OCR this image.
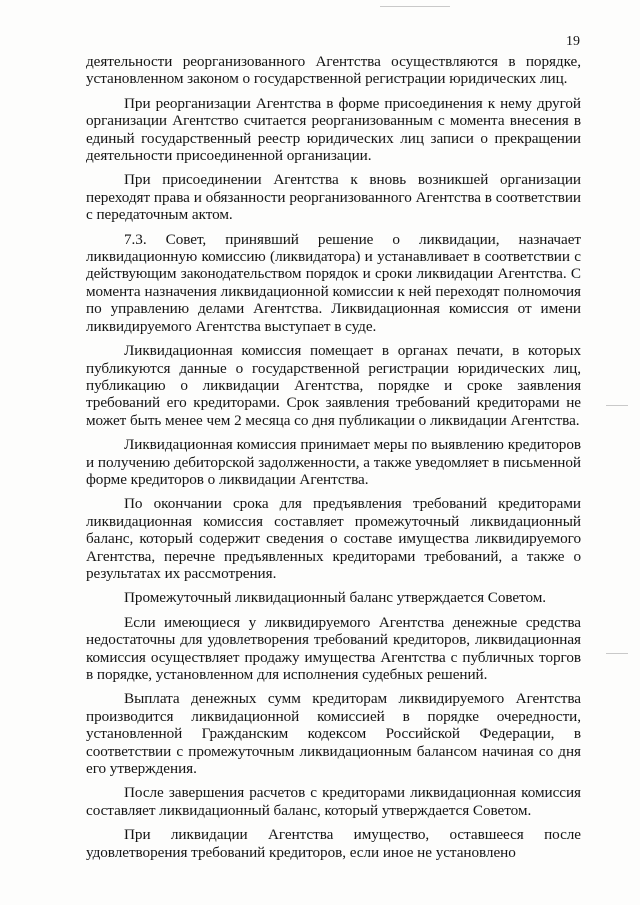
19

деятельности реорганизованного Агентства осуществляются в порядке, установленном законом о государственной регистрации юридических лиц.

При реорганизации Агентства в форме присоединения к нему другой организации Агентство считается реорганизованным с момента внесения в единый государственный реестр юридических лиц записи о прекращении деятельности присоединенной организации.

При присоединении Агентства к вновь возникшей организации переходят права и обязанности реорганизованного Агентства в соответствии с передаточным актом.

7.3. Совет, принявший решение о ликвидации, назначает ликвидационную комиссию (ликвидатора) и устанавливает в соответствии с действующим законодательством порядок и сроки ликвидации Агентства. С момента назначения ликвидационной комиссии к ней переходят полномочия по управлению делами Агентства. Ликвидационная комиссия от имени ликвидируемого Агентства выступает в суде.

Ликвидационная комиссия помещает в органах печати, в которых публикуются данные о государственной регистрации юридических лиц, публикацию о ликвидации Агентства, порядке и сроке заявления требований его кредиторами. Срок заявления требований кредиторами не может быть менее чем 2 месяца со дня публикации о ликвидации Агентства.

Ликвидационная комиссия принимает меры по выявлению кредиторов и получению дебиторской задолженности, а также уведомляет в письменной форме кредиторов о ликвидации Агентства.

По окончании срока для предъявления требований кредиторами ликвидационная комиссия составляет промежуточный ликвидационный баланс, который содержит сведения о составе имущества ликвидируемого Агентства, перечне предъявленных кредиторами требований, а также о результатах их рассмотрения.

Промежуточный ликвидационный баланс утверждается Советом.

Если имеющиеся у ликвидируемого Агентства денежные средства недостаточны для удовлетворения требований кредиторов, ликвидационная комиссия осуществляет продажу имущества Агентства с публичных торгов в порядке, установленном для исполнения судебных решений.

Выплата денежных сумм кредиторам ликвидируемого Агентства производится ликвидационной комиссией в порядке очередности, установленной Гражданским кодексом Российской Федерации, в соответствии с промежуточным ликвидационным балансом начиная со дня его утверждения.

После завершения расчетов с кредиторами ликвидационная комиссия составляет ликвидационный баланс, который утверждается Советом.

При ликвидации Агентства имущество, оставшееся после удовлетворения требований кредиторов, если иное не установлено
